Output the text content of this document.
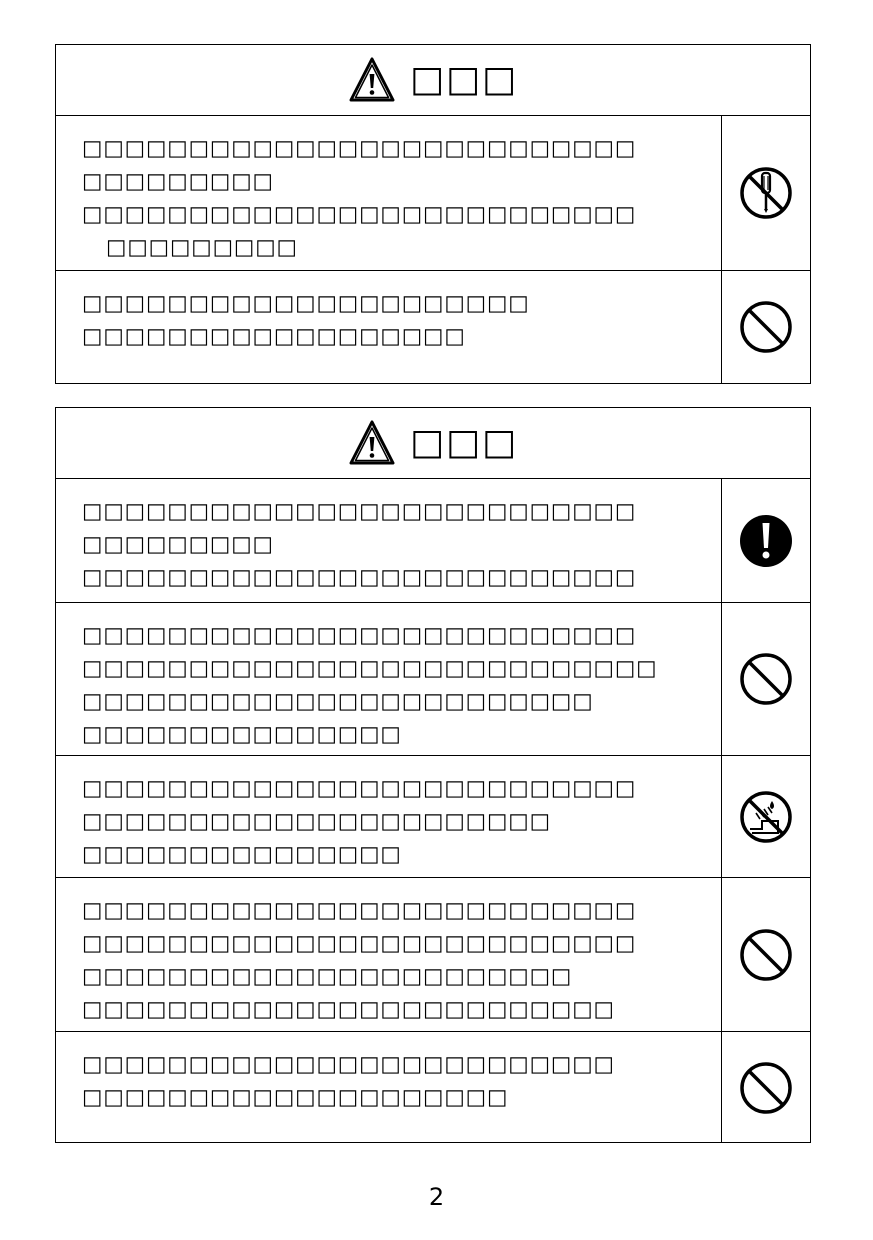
□□□
□□□□□□□□□□□□□□□□□□□□□□□□□□
□□□□□□□□□
□□□□□□□□□□□□□□□□□□□□□□□□□□
□□□□□□□□□
□□□□□□□□□□□□□□□□□□□□□
□□□□□□□□□□□□□□□□□□
□□□
□□□□□□□□□□□□□□□□□□□□□□□□□□
□□□□□□□□□
□□□□□□□□□□□□□□□□□□□□□□□□□□
□□□□□□□□□□□□□□□□□□□□□□□□□□
□□□□□□□□□□□□□□□□□□□□□□□□□□□
□□□□□□□□□□□□□□□□□□□□□□□□
□□□□□□□□□□□□□□□
□□□□□□□□□□□□□□□□□□□□□□□□□□
□□□□□□□□□□□□□□□□□□□□□□
□□□□□□□□□□□□□□□
□□□□□□□□□□□□□□□□□□□□□□□□□□
□□□□□□□□□□□□□□□□□□□□□□□□□□
□□□□□□□□□□□□□□□□□□□□□□□
□□□□□□□□□□□□□□□□□□□□□□□□□
□□□□□□□□□□□□□□□□□□□□□□□□□
□□□□□□□□□□□□□□□□□□□□
2
